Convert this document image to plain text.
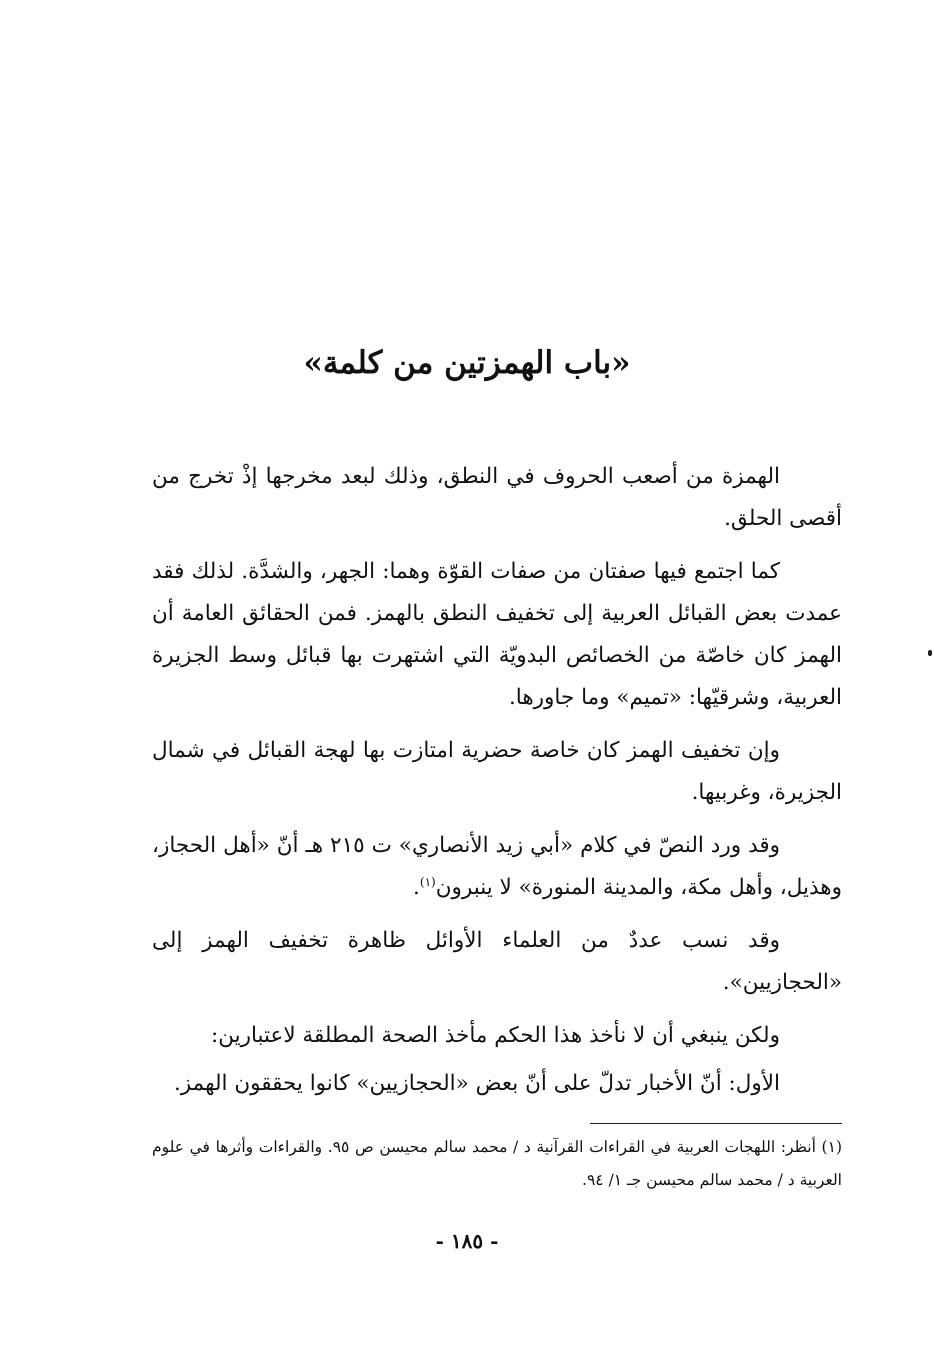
«باب الهمزتين من كلمة»

الهمزة من أصعب الحروف في النطق، وذلك لبعد مخرجها إذْ تخرج من أقصى الحلق.

كما اجتمع فيها صفتان من صفات القوّة وهما: الجهر، والشدَّة. لذلك فقد عمدت بعض القبائل العربية إلى تخفيف النطق بالهمز. فمن الحقائق العامة أن الهمز كان خاصّة من الخصائص البدويّة التي اشتهرت بها قبائل وسط الجزيرة العربية، وشرقيّها: «تميم» وما جاورها.

وإن تخفيف الهمز كان خاصة حضرية امتازت بها لهجة القبائل في شمال الجزيرة، وغربيها.

وقد ورد النصّ في كلام «أبي زيد الأنصاري» ت ٢١٥ هـ أنّ «أهل الحجاز، وهذيل، وأهل مكة، والمدينة المنورة» لا ينبرون$^{(١)}$.

وقد نسب عددٌ من العلماء الأوائل ظاهرة تخفيف الهمز إلى «الحجازيين».

ولكن ينبغي أن لا نأخذ هذا الحكم مأخذ الصحة المطلقة لاعتبارين:

الأول: أنّ الأخبار تدلّ على أنّ بعض «الحجازيين» كانوا يحققون الهمز.

(١) أنظر: اللهجات العربية في القراءات القرآنية د / محمد سالم محيسن ص ٩٥. والقراءات وأثرها في علوم العربية د / محمد سالم محيسن جـ ١/ ٩٤.

- ١٨٥ -
